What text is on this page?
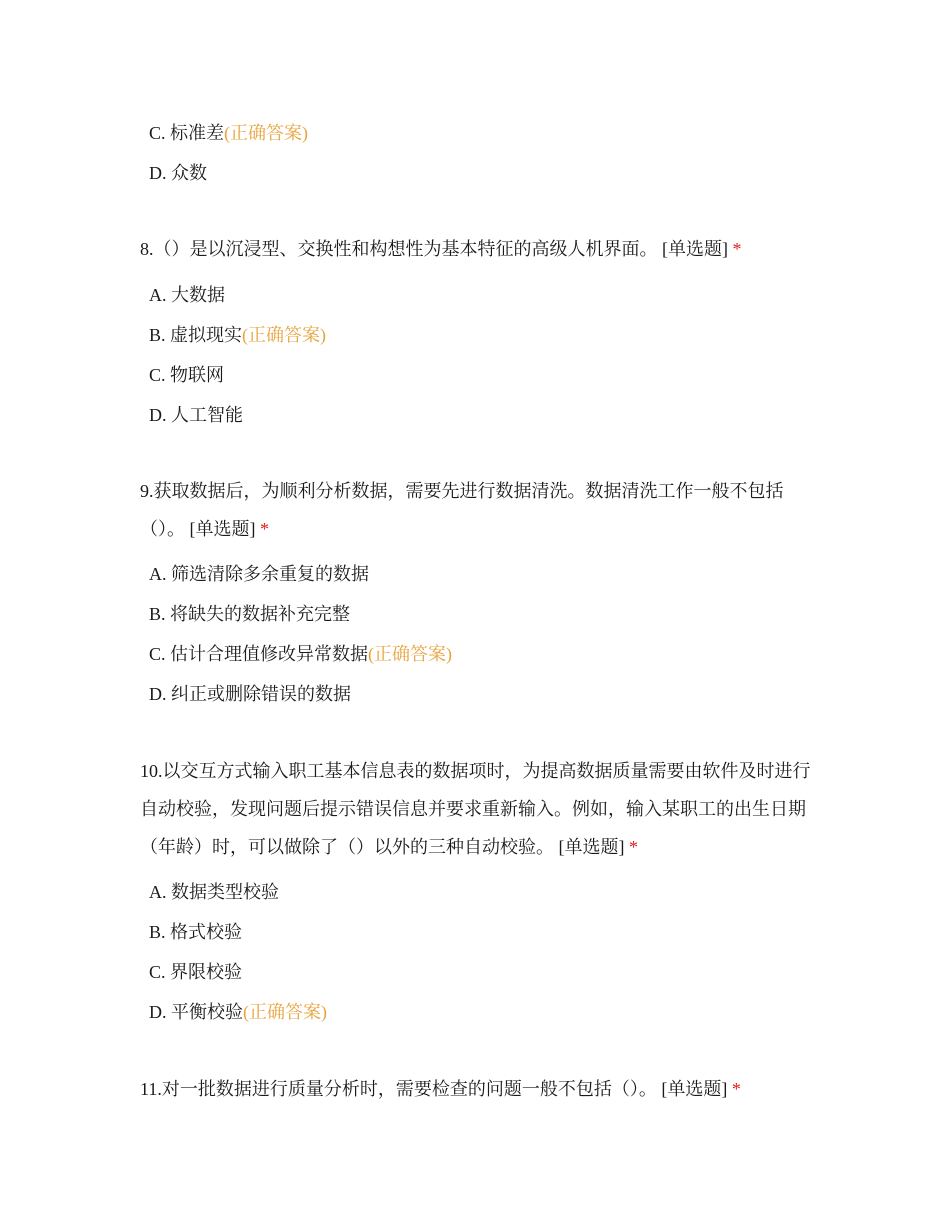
C. 标准差(正确答案)
D. 众数
8.（）是以沉浸型、交换性和构想性为基本特征的高级人机界面。 [单选题] *
A. 大数据
B. 虚拟现实(正确答案)
C. 物联网
D. 人工智能
9.获取数据后，为顺利分析数据，需要先进行数据清洗。数据清洗工作一般不包括（）。 [单选题] *
A. 筛选清除多余重复的数据
B. 将缺失的数据补充完整
C. 估计合理值修改异常数据(正确答案)
D. 纠正或删除错误的数据
10.以交互方式输入职工基本信息表的数据项时，为提高数据质量需要由软件及时进行自动校验，发现问题后提示错误信息并要求重新输入。例如，输入某职工的出生日期（年龄）时，可以做除了（）以外的三种自动校验。 [单选题] *
A. 数据类型校验
B. 格式校验
C. 界限校验
D. 平衡校验(正确答案)
11.对一批数据进行质量分析时，需要检查的问题一般不包括（）。 [单选题] *
